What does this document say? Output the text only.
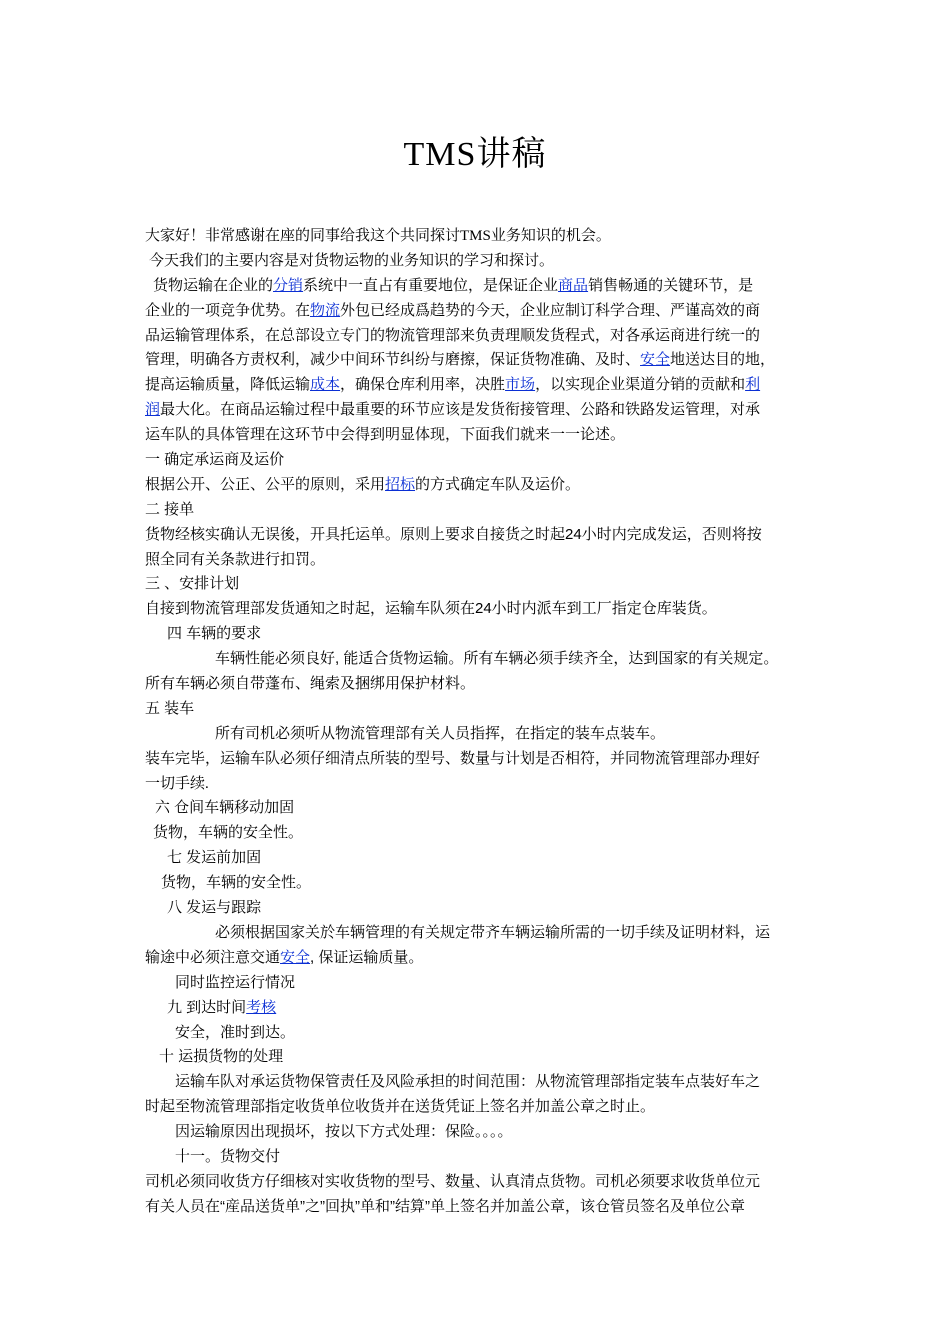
TMS讲稿
大家好！非常感谢在座的同事给我这个共同探讨TMS业务知识的机会。
今天我们的主要内容是对货物运物的业务知识的学习和探讨。
货物运输在企业的分销系统中一直占有重要地位，是保证企业商品销售畅通的关键环节，是
企业的一项竞争优势。在物流外包已经成爲趋势的今天，企业应制订科学合理、严谨高效的商
品运输管理体系，在总部设立专门的物流管理部来负责理顺发货程式，对各承运商进行统一的
管理，明确各方责权利，减少中间环节纠纷与磨擦，保证货物准确、及时、安全地送达目的地，
提高运输质量，降低运输成本，确保仓库利用率，决胜市场，以实现企业渠道分销的贡献和利
润最大化。在商品运输过程中最重要的环节应该是发货衔接管理、公路和铁路发运管理，对承
运车队的具体管理在这环节中会得到明显体现，下面我们就来一一论述。
一 确定承运商及运价
根据公开、公正、公平的原则，采用招标的方式确定车队及运价。
二 接单
货物经核实确认无误後，开具托运单。原则上要求自接货之时起24小时内完成发运，否则将按
照全同有关条款进行扣罚。
三 、安排计划
自接到物流管理部发货通知之时起，运输车队须在24小时内派车到工厂指定仓库装货。
四 车辆的要求
车辆性能必须良好, 能适合货物运输。所有车辆必须手续齐全，达到国家的有关规定。
所有车辆必须自带蓬布、绳索及捆绑用保护材料。
五 装车
所有司机必须听从物流管理部有关人员指挥，在指定的装车点装车。
装车完毕，运输车队必须仔细清点所装的型号、数量与计划是否相符，并同物流管理部办理好
一切手续.
六 仓间车辆移动加固
货物，车辆的安全性。
七 发运前加固
货物，车辆的安全性。
八 发运与跟踪
必须根据国家关於车辆管理的有关规定带齐车辆运输所需的一切手续及证明材料，运
输途中必须注意交通安全, 保证运输质量。
同时监控运行情况
九 到达时间考核
安全，准时到达。
十 运损货物的处理
运输车队对承运货物保管责任及风险承担的时间范围：从物流管理部指定装车点装好车之
时起至物流管理部指定收货单位收货并在送货凭证上签名并加盖公章之时止。
因运输原因出现损坏，按以下方式处理：保险。。。。
十一。货物交付
司机必须同收货方仔细核对实收货物的型号、数量、认真清点货物。司机必须要求收货单位元
有关人员在“産品送货单”之”回执”单和”结算”单上签名并加盖公章，该仓管员签名及单位公章
